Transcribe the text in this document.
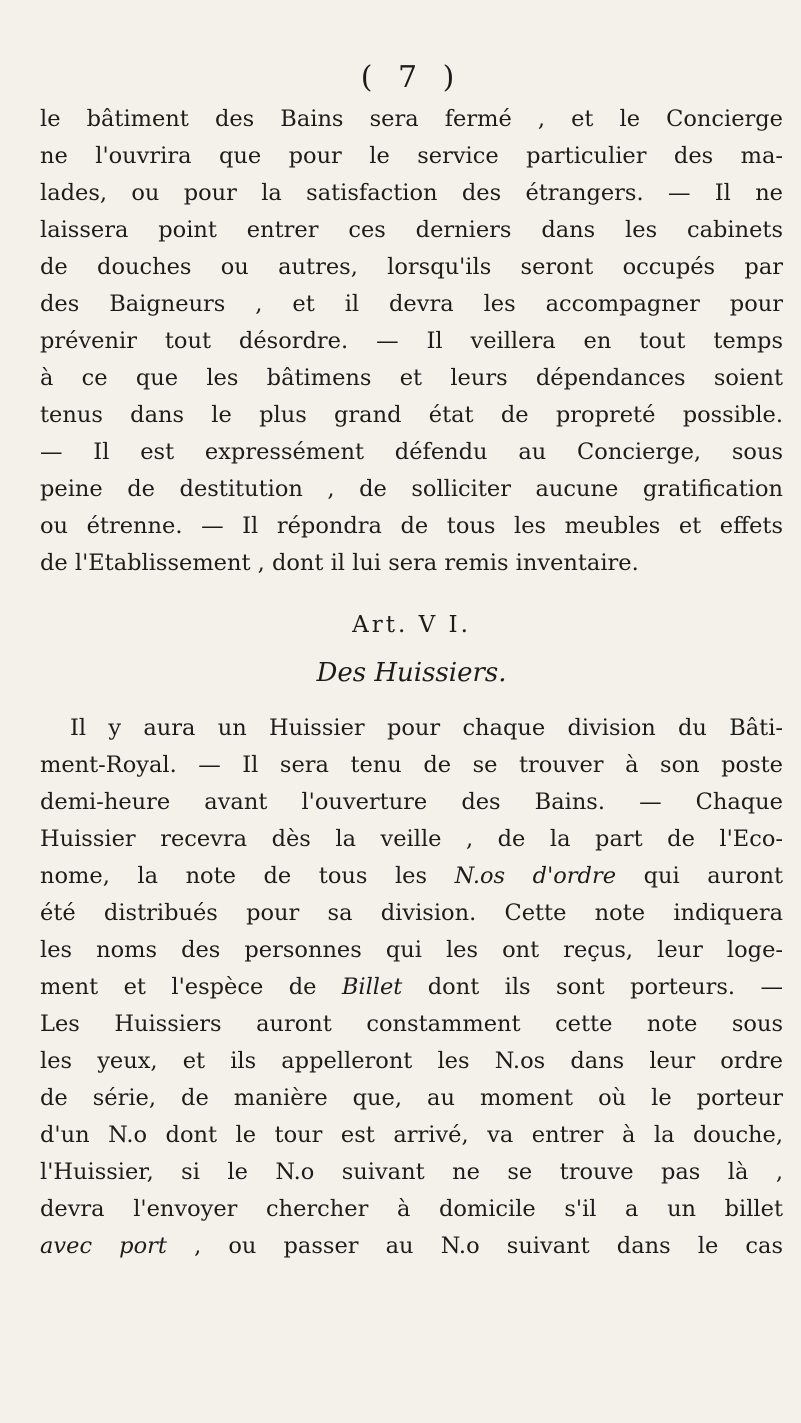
( 7 )

le bâtiment des Bains sera fermé , et le Concierge
ne l'ouvrira que pour le service particulier des ma-
lades, ou pour la satisfaction des étrangers. — Il ne
laissera point entrer ces derniers dans les cabinets
de douches ou autres, lorsqu'ils seront occupés par
des Baigneurs , et il devra les accompagner pour
prévenir tout désordre. — Il veillera en tout temps
à ce que les bâtimens et leurs dépendances soient
tenus dans le plus grand état de propreté possible.
— Il est expressément défendu au Concierge, sous
peine de destitution , de solliciter aucune gratification
ou étrenne. — Il répondra de tous les meubles et effets
de l'Etablissement , dont il lui sera remis inventaire.

Art. V I.
Des Huissiers.

Il y aura un Huissier pour chaque division du Bâti-
ment-Royal. — Il sera tenu de se trouver à son poste
demi-heure avant l'ouverture des Bains. — Chaque
Huissier recevra dès la veille , de la part de l'Eco-
nome, la note de tous les N.os d'ordre qui auront
été distribués pour sa division. Cette note indiquera
les noms des personnes qui les ont reçus, leur loge-
ment et l'espèce de Billet dont ils sont porteurs. —
Les Huissiers auront constamment cette note sous
les yeux, et ils appelleront les N.os dans leur ordre
de série, de manière que, au moment où le porteur
d'un N.o dont le tour est arrivé, va entrer à la douche,
l'Huissier, si le N.o suivant ne se trouve pas là ,
devra l'envoyer chercher à domicile s'il a un billet
avec port , ou passer au N.o suivant dans le cas
